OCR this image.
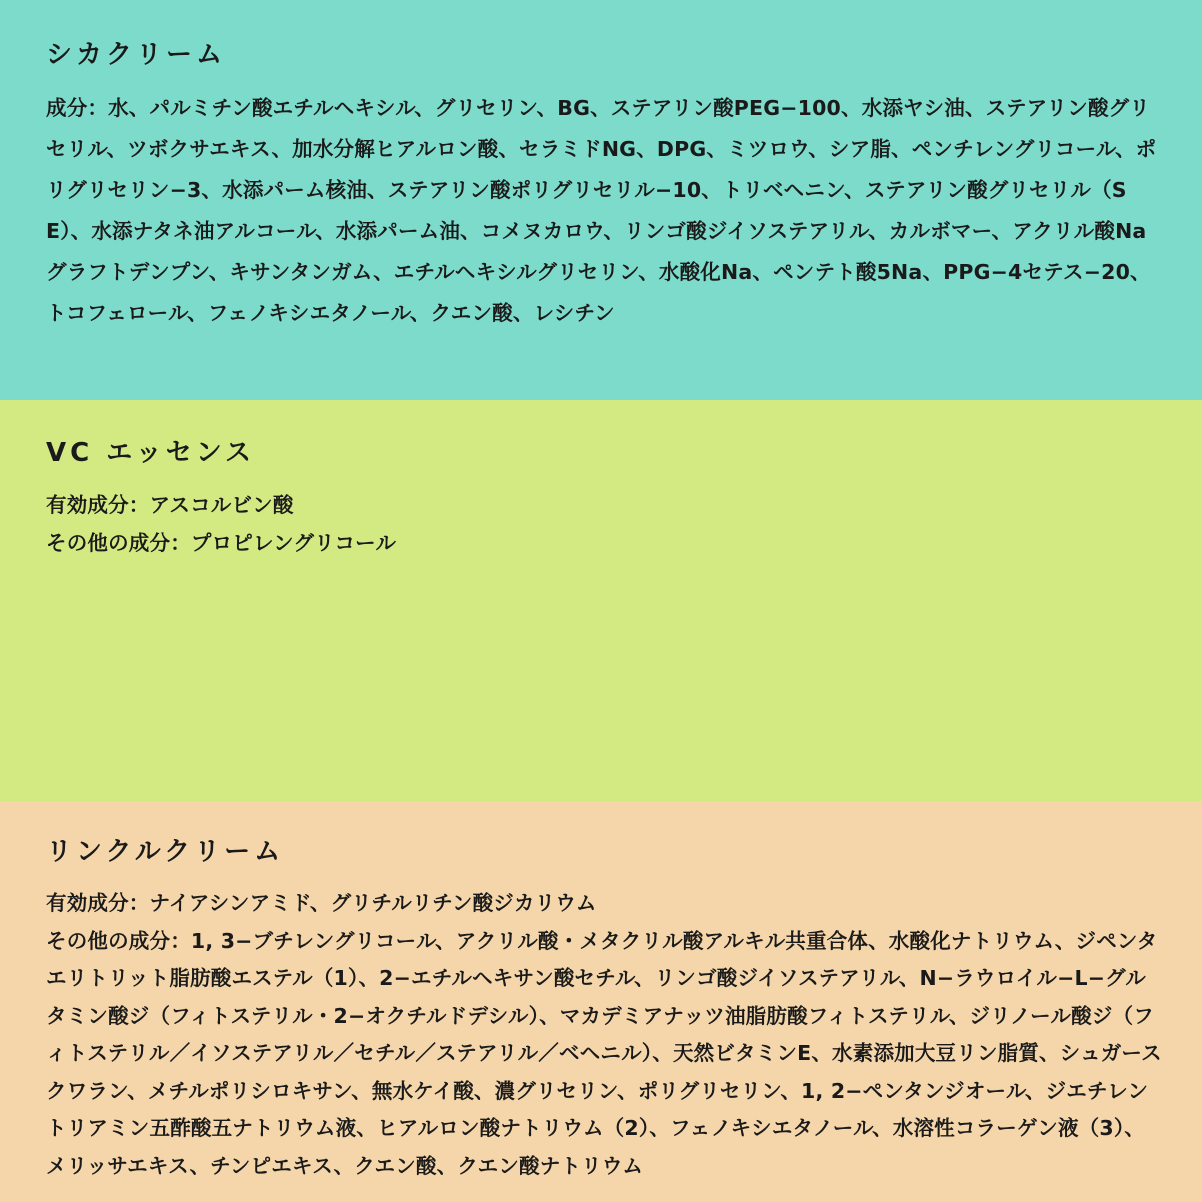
シカクリーム

成分：水、パルミチン酸エチルヘキシル、グリセリン、BG、ステアリン酸PEG−100、水添ヤシ油、ステアリン酸グリセリル、ツボクサエキス、加水分解ヒアルロン酸、セラミドNG、DPG、ミツロウ、シア脂、ペンチレングリコール、ポリグリセリン−3、水添パーム核油、ステアリン酸ポリグリセリル−10、トリベヘニン、ステアリン酸グリセリル（SE）、水添ナタネ油アルコール、水添パーム油、コメヌカロウ、リンゴ酸ジイソステアリル、カルボマー、アクリル酸Naグラフトデンプン、キサンタンガム、エチルヘキシルグリセリン、水酸化Na、ペンテト酸5Na、PPG−4セテス−20、トコフェロール、フェノキシエタノール、クエン酸、レシチン

VC エッセンス
有効成分：アスコルビン酸
その他の成分：プロピレングリコール
リンクルクリーム
有効成分：ナイアシンアミド、グリチルリチン酸ジカリウム
その他の成分：1, 3−ブチレングリコール、アクリル酸・メタクリル酸アルキル共重合体、水酸化ナトリウム、ジペンタエリトリット脂肪酸エステル（1）、2−エチルヘキサン酸セチル、リンゴ酸ジイソステアリル、N−ラウロイル−L−グルタミン酸ジ（フィトステリル・2−オクチルドデシル）、マカデミアナッツ油脂肪酸フィトステリル、ジリノール酸ジ（フィトステリル／イソステアリル／セチル／ステアリル／ベヘニル）、天然ビタミンE、水素添加大豆リン脂質、シュガースクワラン、メチルポリシロキサン、無水ケイ酸、濃グリセリン、ポリグリセリン、1, 2−ペンタンジオール、ジエチレントリアミン五酢酸五ナトリウム液、ヒアルロン酸ナトリウム（2）、フェノキシエタノール、水溶性コラーゲン液（3）、メリッサエキス、チンピエキス、クエン酸、クエン酸ナトリウム
